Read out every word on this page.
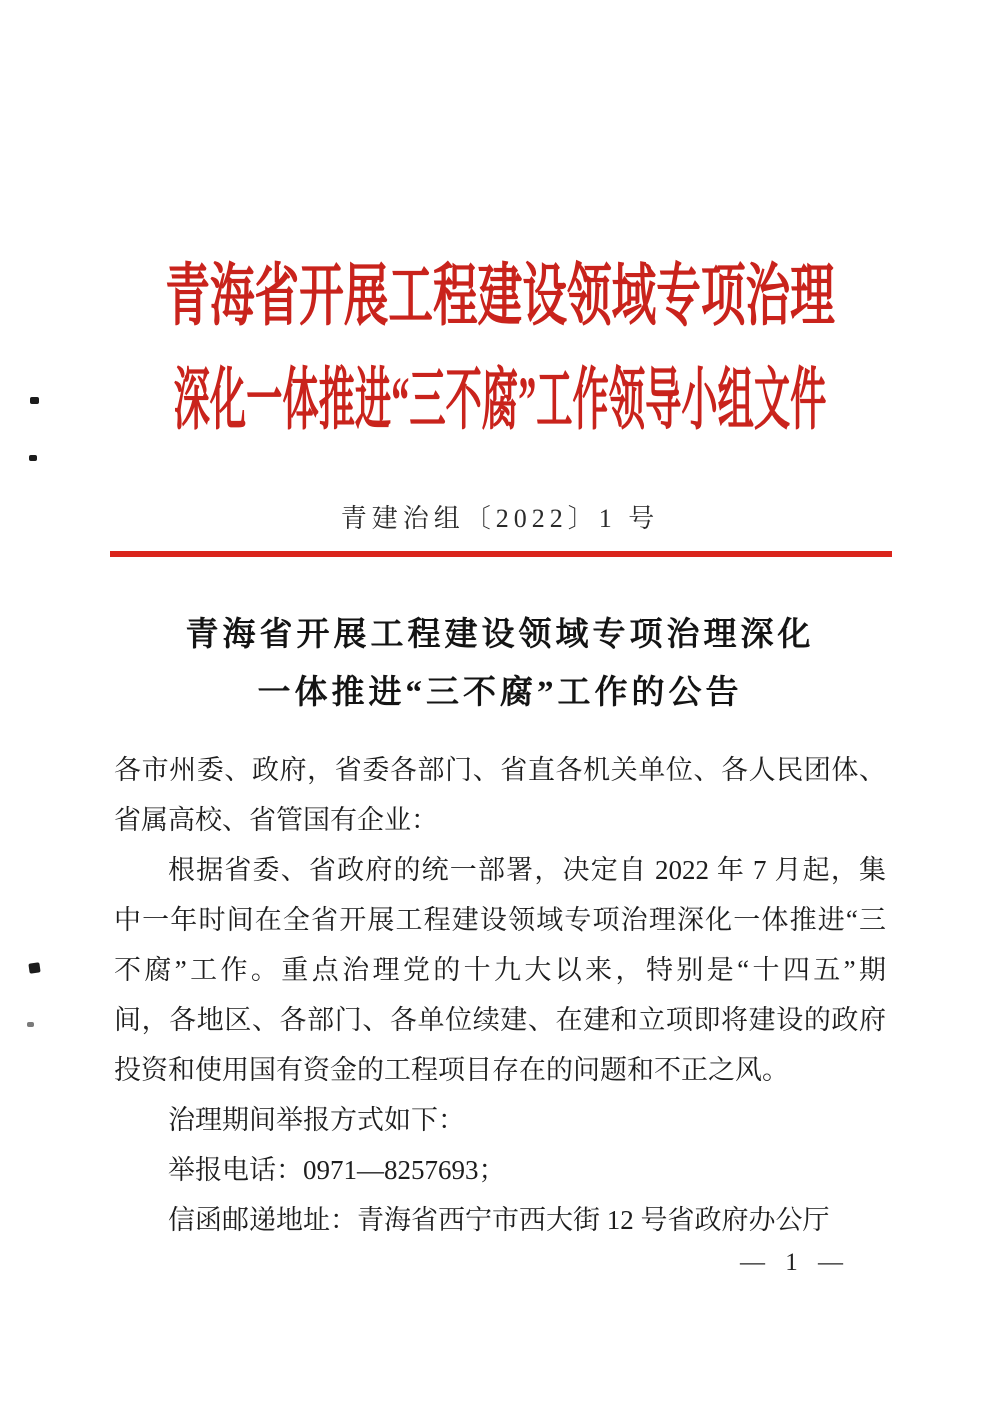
青海省开展工程建设领域专项治理
深化一体推进“三不腐”工作领导小组文件
青建治组〔2022〕1 号
青海省开展工程建设领域专项治理深化
一体推进“三不腐”工作的公告
各市州委、政府，省委各部门、省直各机关单位、各人民团体、
省属高校、省管国有企业：
根据省委、省政府的统一部署，决定自 2022 年 7 月起，集
中一年时间在全省开展工程建设领域专项治理深化一体推进“三
不腐”工作。重点治理党的十九大以来，特别是“十四五”期
间，各地区、各部门、各单位续建、在建和立项即将建设的政府
投资和使用国有资金的工程项目存在的问题和不正之风。
治理期间举报方式如下：
举报电话：0971—8257693；
信函邮递地址：青海省西宁市西大街 12 号省政府办公厅
— 1 —
